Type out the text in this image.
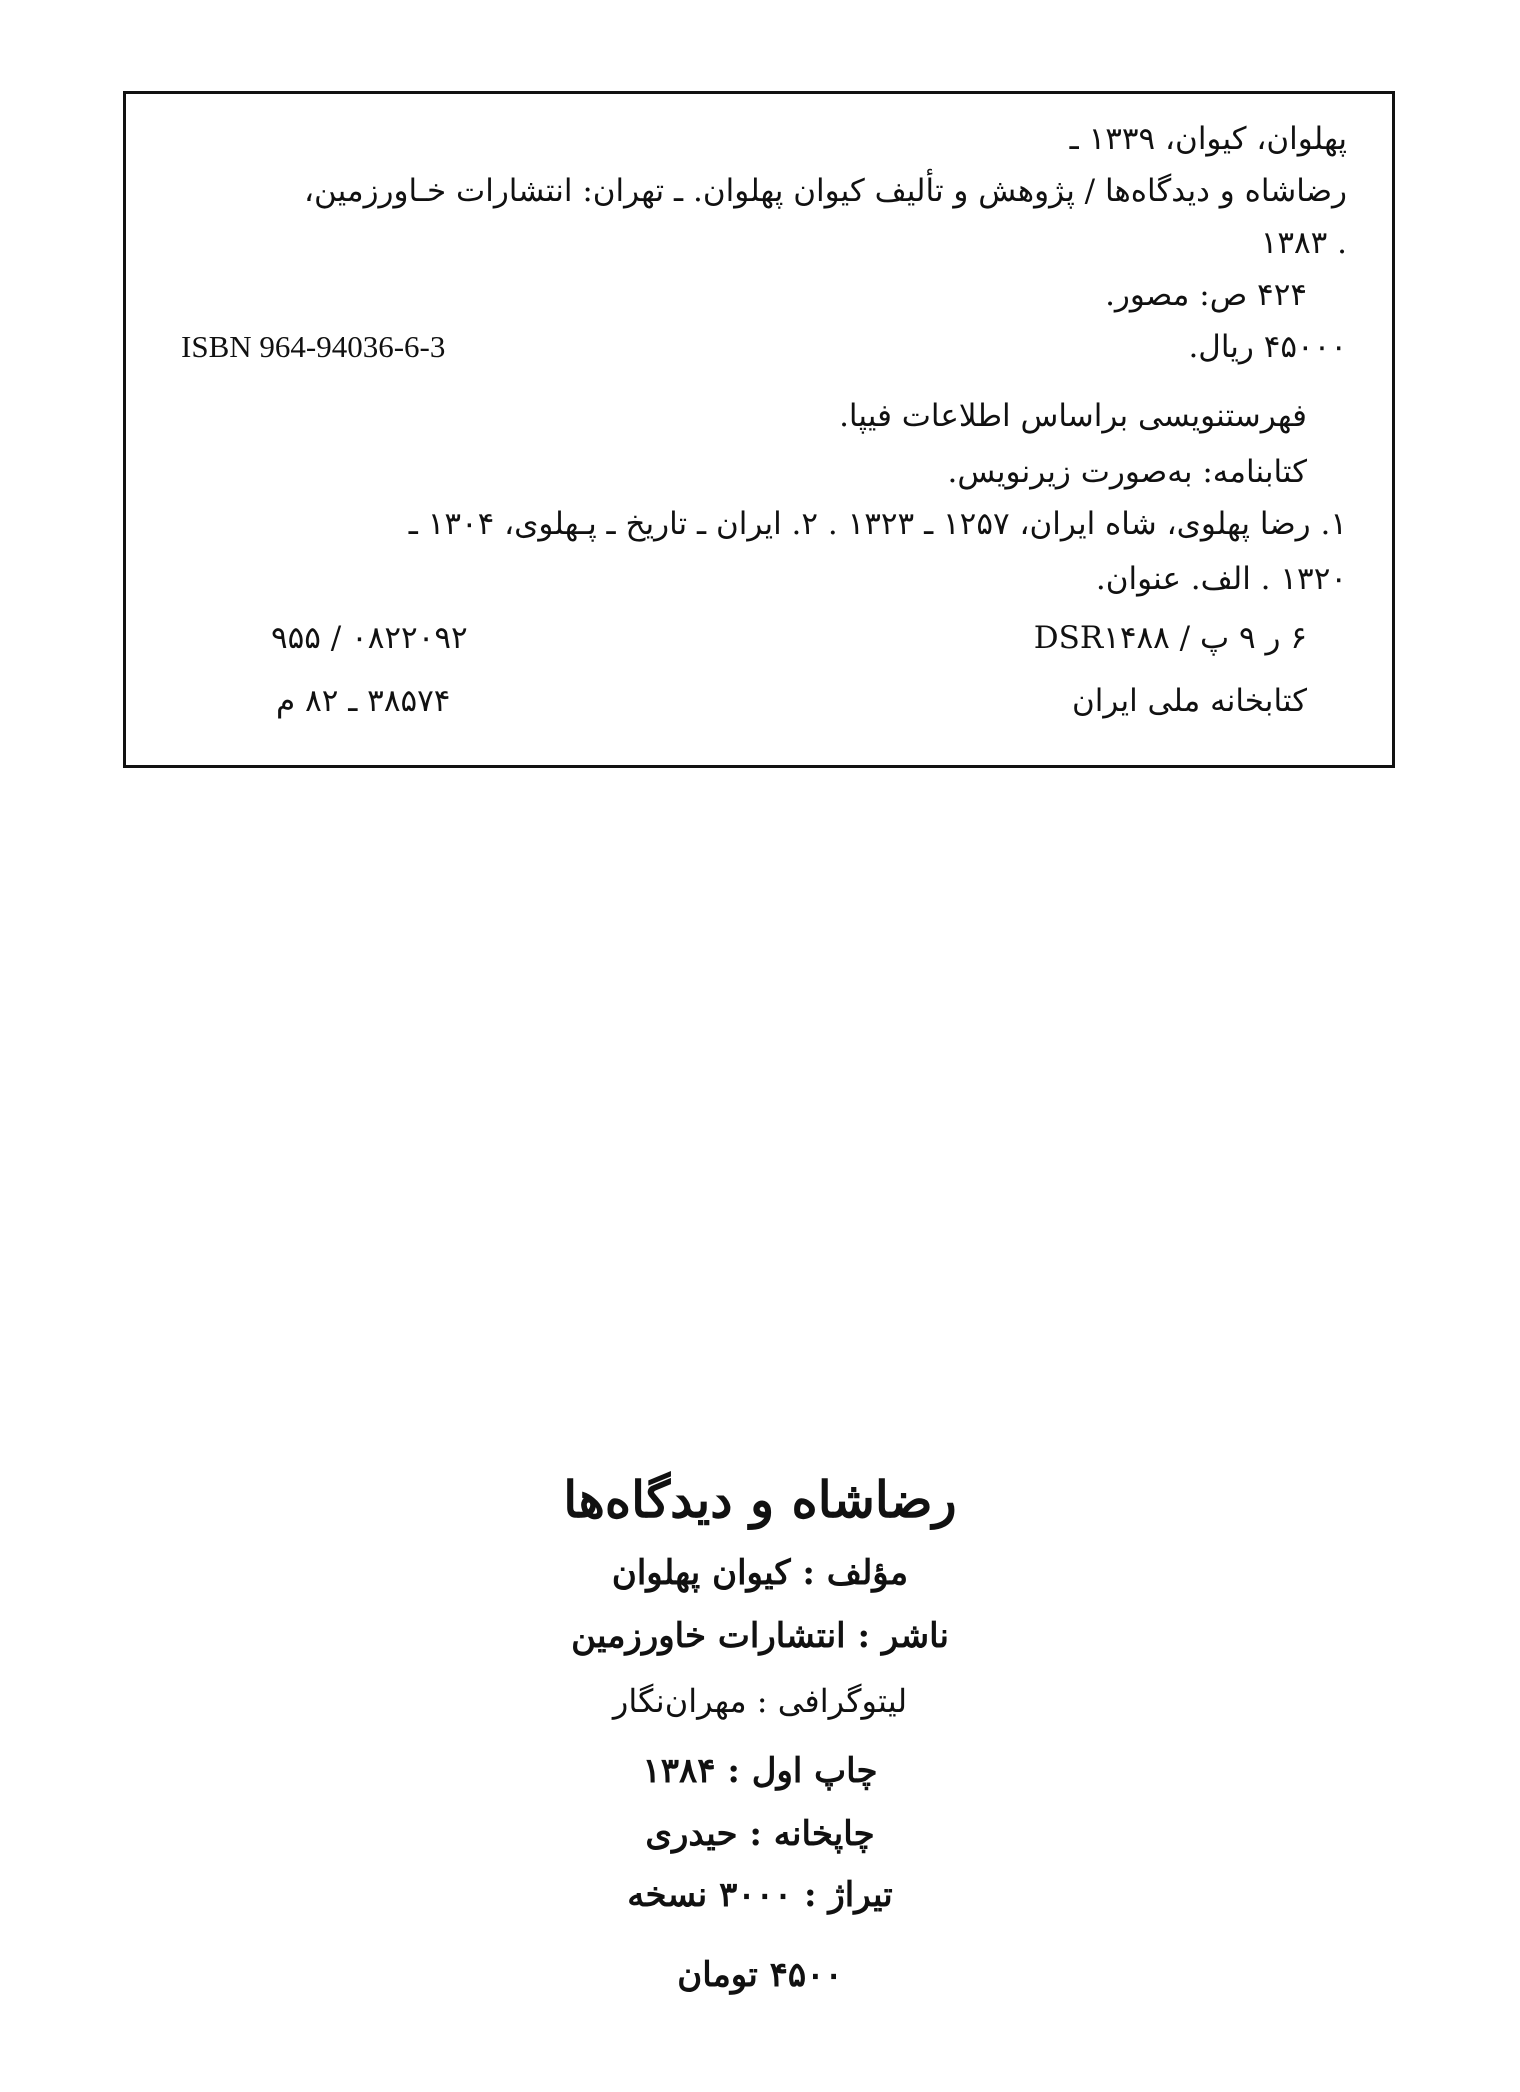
پهلوان، کیوان، ۱۳۳۹ ـ
رضاشاه و دیدگاه‌ها / پژوهش و تألیف کیوان پهلوان. ـ تهران: انتشارات خـاورزمین،
۱۳۸۳ .
۴۲۴ ص: مصور.
ISBN 964-94036-6-3	۴۵۰۰۰ ریال.
فهرستنویسی براساس اطلاعات فیپا.
کتابنامه: به‌صورت زیرنویس.
۱. رضا پهلوی، شاه ایران، ۱۲۵۷ ـ ۱۳۲۳ . ۲. ایران ـ تاریخ ـ پـهلوی، ۱۳۰۴ ـ
۱۳۲۰ . الف. عنوان.
۶ ر ۹ پ / DSR۱۴۸۸
۹۵۵ / ۰۸۲۲۰۹۲
کتابخانه ملی ایران
۳۸۵۷۴ ـ ۸۲ م
رضاشاه و دیدگاه‌ها
مؤلف : کیوان پهلوان
ناشر : انتشارات خاورزمین
لیتوگرافی : مهران‌نگار
چاپ اول : ۱۳۸۴
چاپخانه : حیدری
تیراژ : ۳۰۰۰ نسخه
۴۵۰۰ تومان
